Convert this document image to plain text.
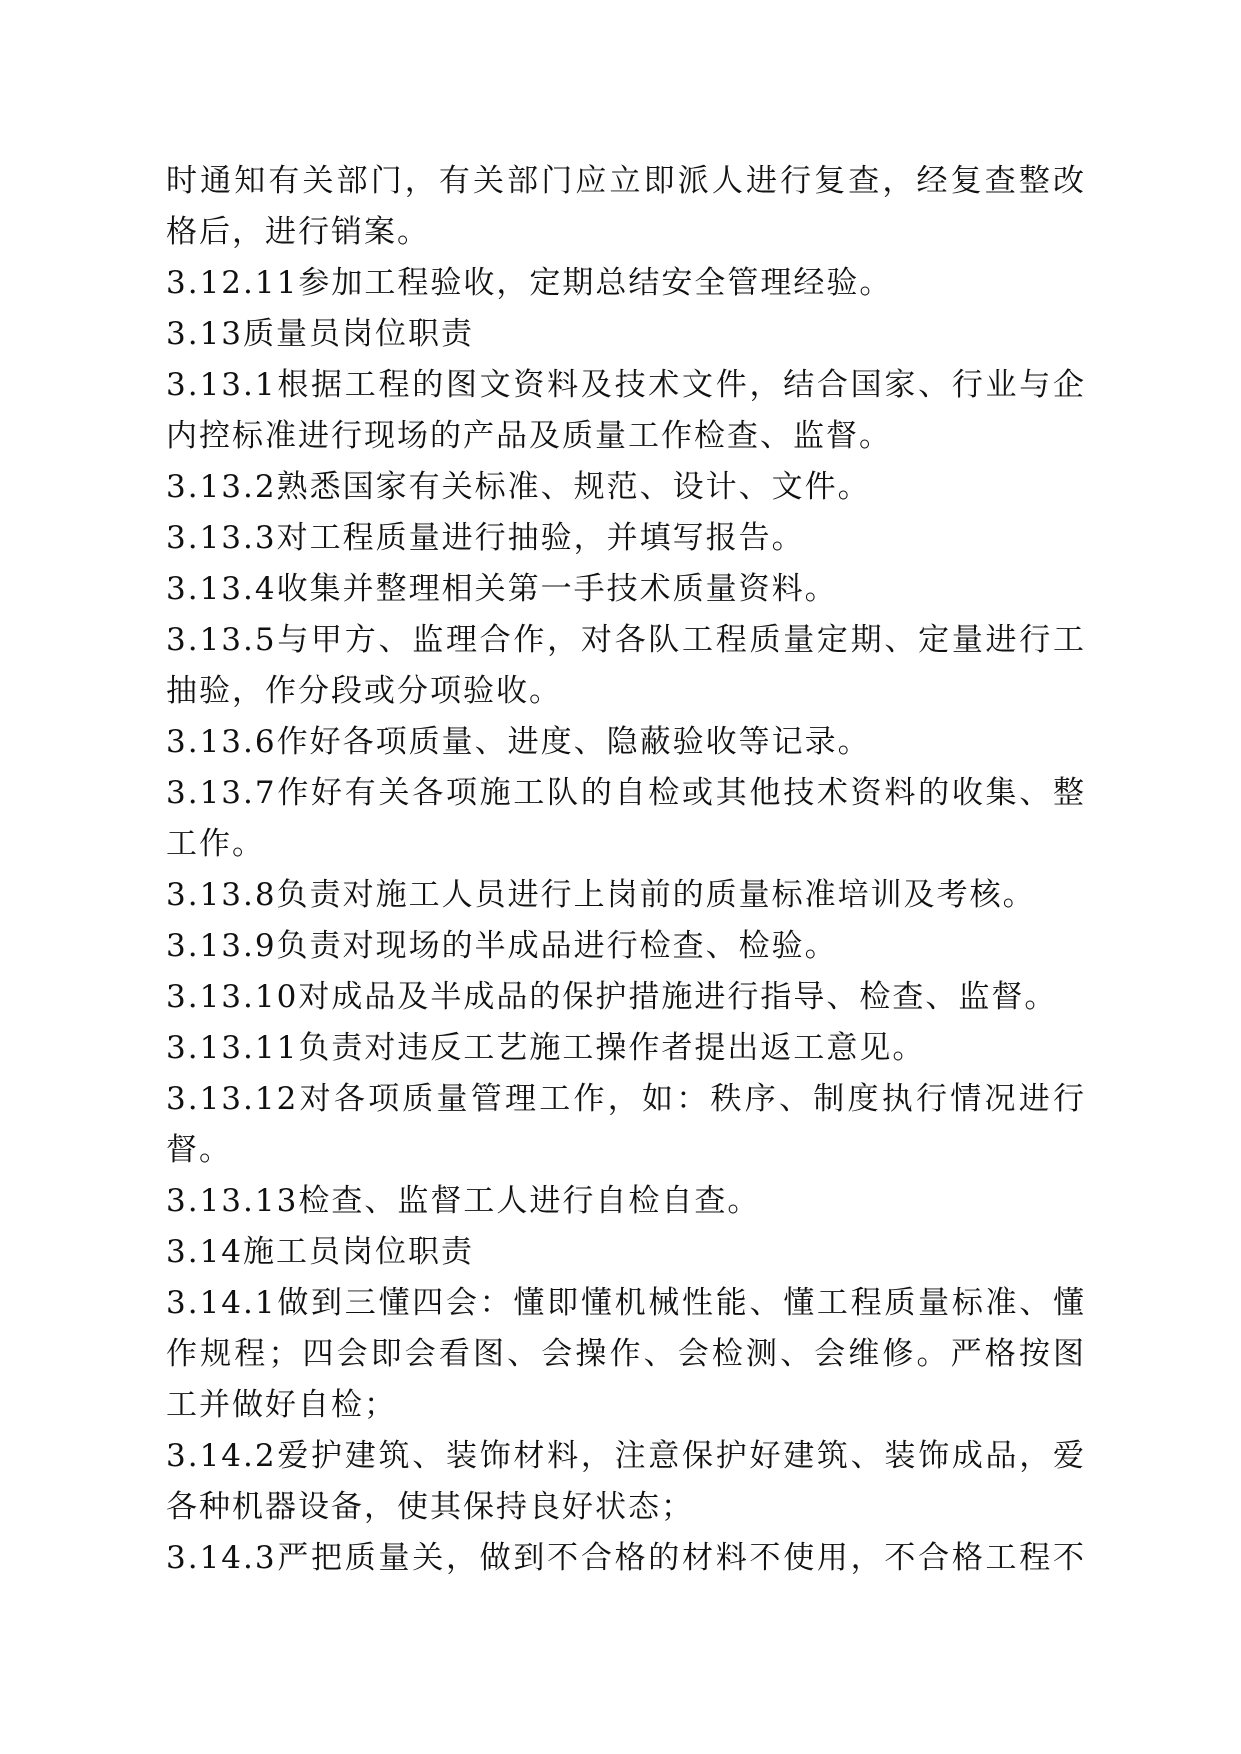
时通知有关部门，有关部门应立即派人进行复查，经复查整改
格后，进行销案。
3.12.11参加工程验收，定期总结安全管理经验。
3.13质量员岗位职责
3.13.1根据工程的图文资料及技术文件，结合国家、行业与企
内控标准进行现场的产品及质量工作检查、监督。
3.13.2熟悉国家有关标准、规范、设计、文件。
3.13.3对工程质量进行抽验，并填写报告。
3.13.4收集并整理相关第一手技术质量资料。
3.13.5与甲方、监理合作，对各队工程质量定期、定量进行工
抽验，作分段或分项验收。
3.13.6作好各项质量、进度、隐蔽验收等记录。
3.13.7作好有关各项施工队的自检或其他技术资料的收集、整
工作。
3.13.8负责对施工人员进行上岗前的质量标准培训及考核。
3.13.9负责对现场的半成品进行检查、检验。
3.13.10对成品及半成品的保护措施进行指导、检查、监督。
3.13.11负责对违反工艺施工操作者提出返工意见。
3.13.12对各项质量管理工作，如：秩序、制度执行情况进行
督。
3.13.13检查、监督工人进行自检自查。
3.14施工员岗位职责
3.14.1做到三懂四会：懂即懂机械性能、懂工程质量标准、懂
作规程；四会即会看图、会操作、会检测、会维修。严格按图
工并做好自检；
3.14.2爱护建筑、装饰材料，注意保护好建筑、装饰成品，爱
各种机器设备，使其保持良好状态；
3.14.3严把质量关，做到不合格的材料不使用，不合格工程不
